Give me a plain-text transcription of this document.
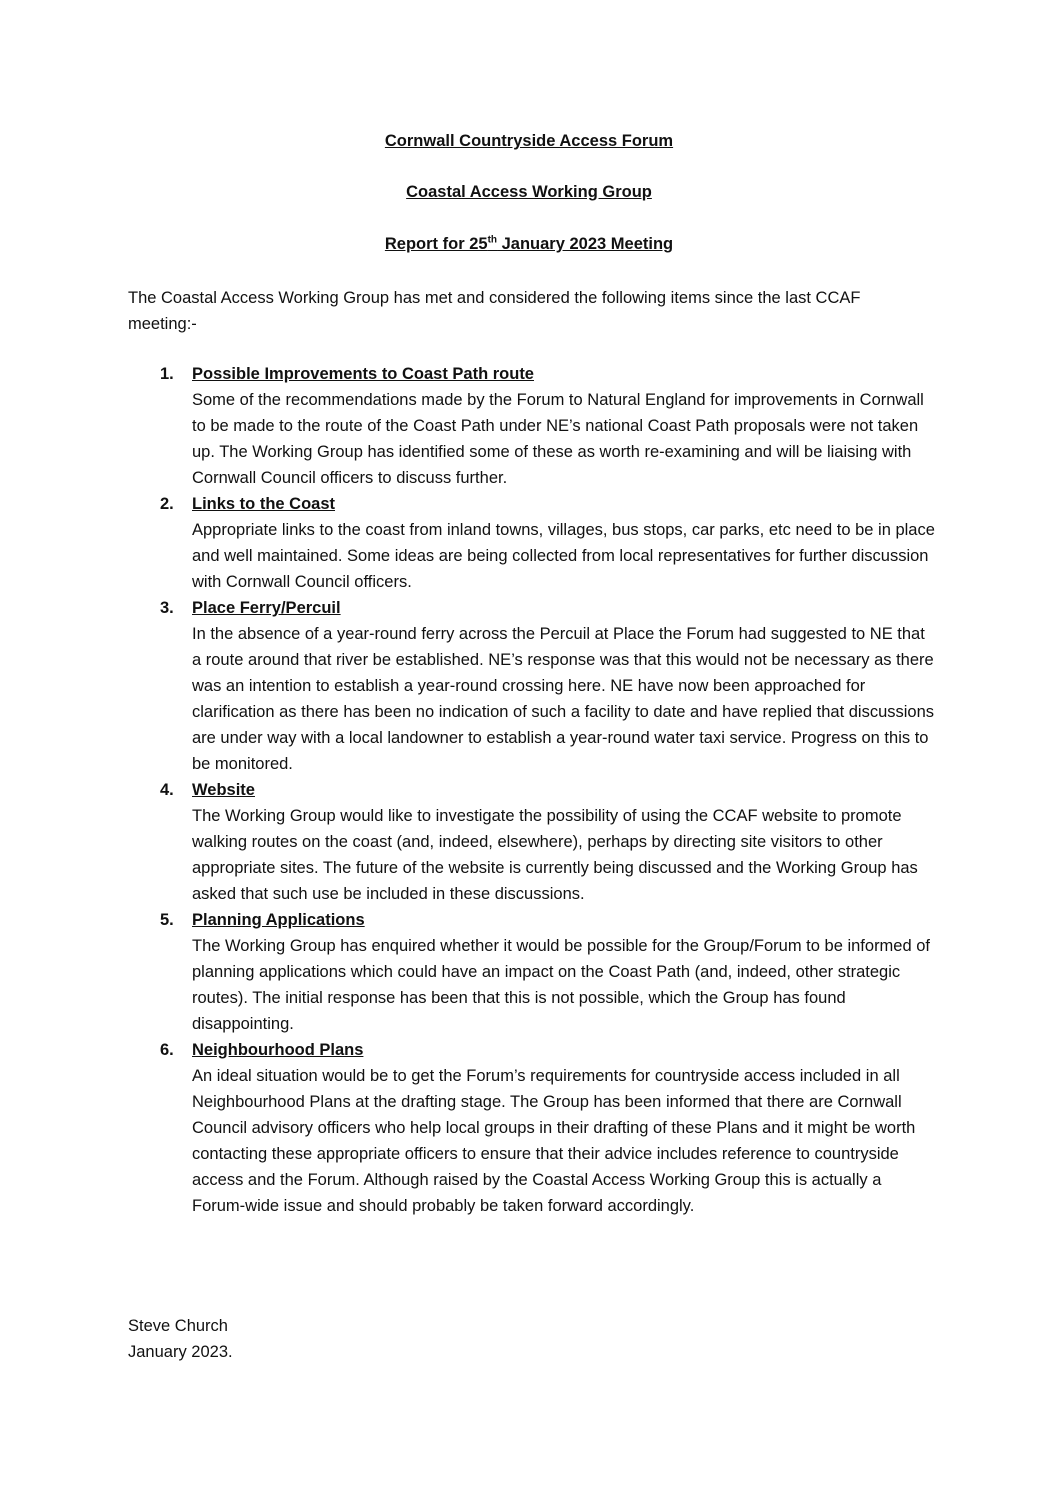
Cornwall Countryside Access Forum
Coastal Access Working Group
Report for 25th January 2023 Meeting
The Coastal Access Working Group has met and considered the following items since the last CCAF meeting:-
1. Possible Improvements to Coast Path route
Some of the recommendations made by the Forum to Natural England for improvements in Cornwall to be made to the route of the Coast Path under NE’s national Coast Path proposals were not taken up. The Working Group has identified some of these as worth re-examining and will be liaising with Cornwall Council officers to discuss further.
2. Links to the Coast
Appropriate links to the coast from inland towns, villages, bus stops, car parks, etc need to be in place and well maintained. Some ideas are being collected from local representatives for further discussion with Cornwall Council officers.
3. Place Ferry/Percuil
In the absence of a year-round ferry across the Percuil at Place the Forum had suggested to NE that a route around that river be established. NE’s response was that this would not be necessary as there was an intention to establish a year-round crossing here. NE have now been approached for clarification as there has been no indication of such a facility to date and have replied that discussions are under way with a local landowner to establish a year-round water taxi service. Progress on this to be monitored.
4. Website
The Working Group would like to investigate the possibility of using the CCAF website to promote walking routes on the coast (and, indeed, elsewhere), perhaps by directing site visitors to other appropriate sites. The future of the website is currently being discussed and the Working Group has asked that such use be included in these discussions.
5. Planning Applications
The Working Group has enquired whether it would be possible for the Group/Forum to be informed of planning applications which could have an impact on the Coast Path (and, indeed, other strategic routes). The initial response has been that this is not possible, which the Group has found disappointing.
6. Neighbourhood Plans
An ideal situation would be to get the Forum’s requirements for countryside access included in all Neighbourhood Plans at the drafting stage. The Group has been informed that there are Cornwall Council advisory officers who help local groups in their drafting of these Plans and it might be worth contacting these appropriate officers to ensure that their advice includes reference to countryside access and the Forum. Although raised by the Coastal Access Working Group this is actually a Forum-wide issue and should probably be taken forward accordingly.
Steve Church
January 2023.
